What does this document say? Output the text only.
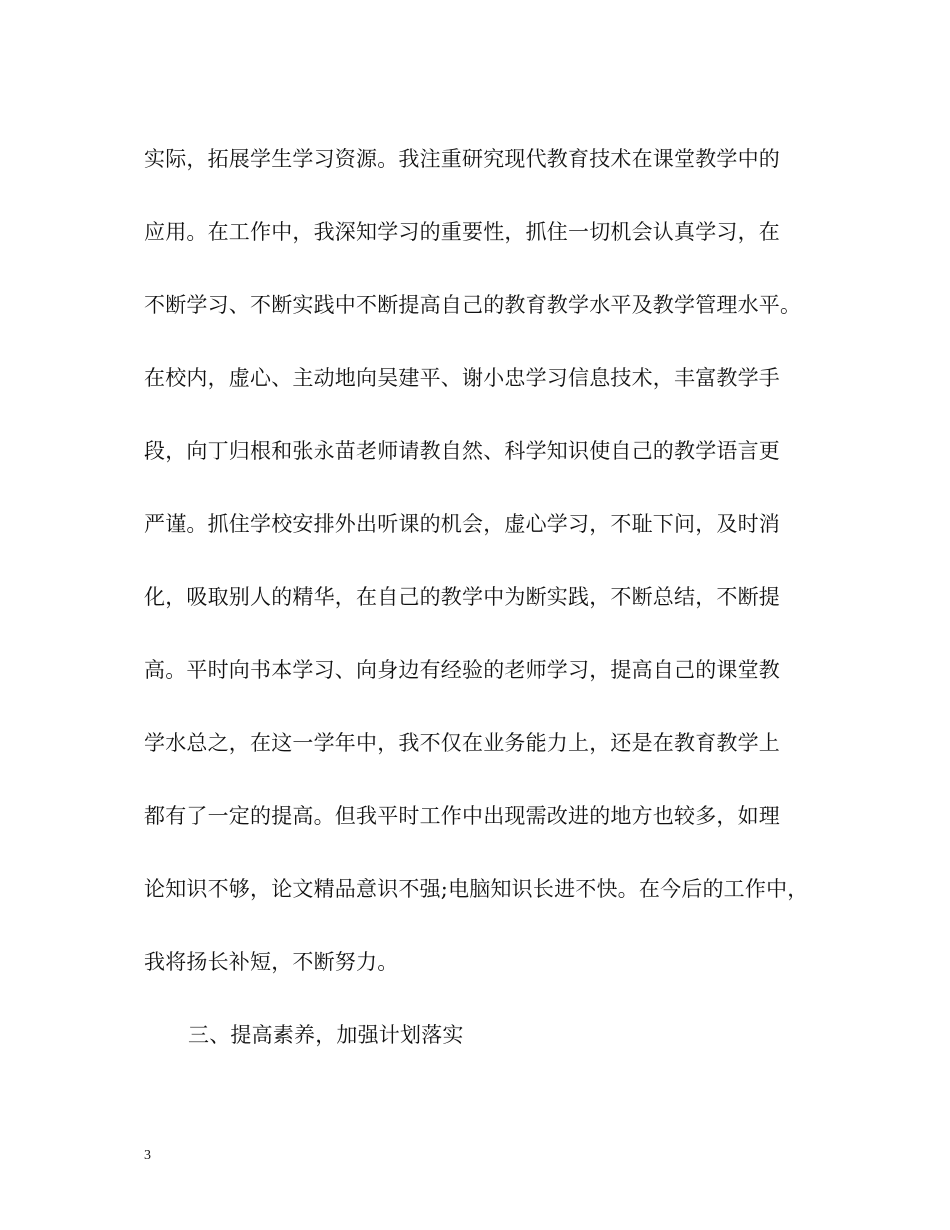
实际，拓展学生学习资源。我注重研究现代教育技术在课堂教学中的
应用。在工作中，我深知学习的重要性，抓住一切机会认真学习，在
不断学习、不断实践中不断提高自己的教育教学水平及教学管理水平。
在校内，虚心、主动地向吴建平、谢小忠学习信息技术，丰富教学手
段，向丁归根和张永苗老师请教自然、科学知识使自己的教学语言更
严谨。抓住学校安排外出听课的机会，虚心学习，不耻下问，及时消
化，吸取别人的精华，在自己的教学中为断实践，不断总结，不断提
高。平时向书本学习、向身边有经验的老师学习，提高自己的课堂教
学水总之，在这一学年中，我不仅在业务能力上，还是在教育教学上
都有了一定的提高。但我平时工作中出现需改进的地方也较多，如理
论知识不够，论文精品意识不强;电脑知识长进不快。在今后的工作中，
我将扬长补短，不断努力。
三、提高素养，加强计划落实
3
